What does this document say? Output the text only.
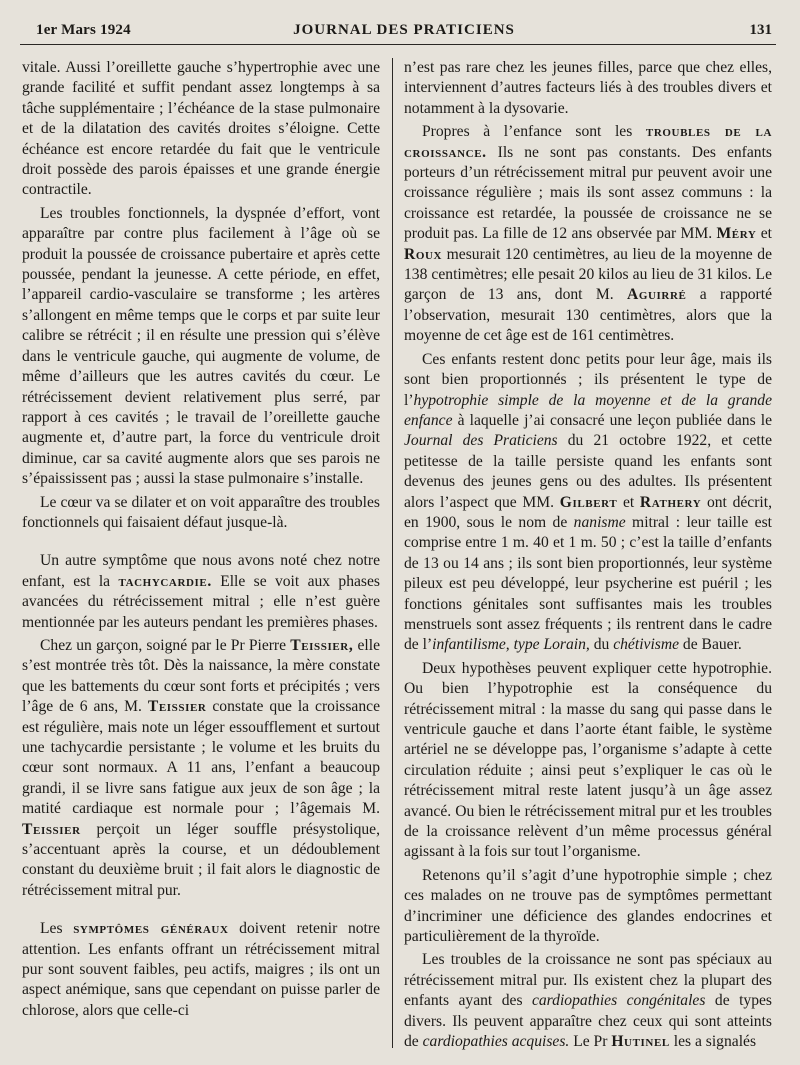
1er Mars 1924	JOURNAL DES PRATICIENS	131

vitale. Aussi l’oreillette gauche s’hypertrophie avec une grande facilité et suffit pendant assez longtemps à sa tâche supplémentaire ; l’échéance de la stase pulmonaire et de la dilatation des cavités droites s’éloigne. Cette échéance est encore retardée du fait que le ventricule droit possède des parois épaisses et une grande énergie contractile.

Les troubles fonctionnels, la dyspnée d’effort, vont apparaître par contre plus facilement à l’âge où se produit la poussée de croissance pubertaire et après cette poussée, pendant la jeunesse. A cette période, en effet, l’appareil cardio-vasculaire se transforme ; les artères s’allongent en même temps que le corps et par suite leur calibre se rétrécit ; il en résulte une pression qui s’élève dans le ventricule gauche, qui augmente de volume, de même d’ailleurs que les autres cavités du cœur. Le rétrécissement devient relativement plus serré, par rapport à ces cavités ; le travail de l’oreillette gauche augmente et, d’autre part, la force du ventricule droit diminue, car sa cavité augmente alors que ses parois ne s’épaississent pas ; aussi la stase pulmonaire s’installe.

Le cœur va se dilater et on voit apparaître des troubles fonctionnels qui faisaient défaut jusque-là.

Un autre symptôme que nous avons noté chez notre enfant, est la tachycardie. Elle se voit aux phases avancées du rétrécissement mitral ; elle n’est guère mentionnée par les auteurs pendant les premières phases.

Chez un garçon, soigné par le Pr Pierre Teissier, elle s’est montrée très tôt. Dès la naissance, la mère constate que les battements du cœur sont forts et précipités ; vers l’âge de 6 ans, M. Teissier constate que la croissance est régulière, mais note un léger essoufflement et surtout une tachycardie persistante ; le volume et les bruits du cœur sont normaux. A 11 ans, l’enfant a beaucoup grandi, il se livre sans fatigue aux jeux de son âge ; la matité cardiaque est normale pour ; l’âgemais M. Teissier perçoit un léger souffle présystolique, s’accentuant après la course, et un dédoublement constant du deuxième bruit ; il fait alors le diagnostic de rétrécissement mitral pur.

Les symptômes généraux doivent retenir notre attention. Les enfants offrant un rétrécissement mitral pur sont souvent faibles, peu actifs, maigres ; ils ont un aspect anémique, sans que cependant on puisse parler de chlorose, alors que celle-ci

n’est pas rare chez les jeunes filles, parce que chez elles, interviennent d’autres facteurs liés à des troubles divers et notamment à la dysovarie.

Propres à l’enfance sont les troubles de la croissance. Ils ne sont pas constants. Des enfants porteurs d’un rétrécissement mitral pur peuvent avoir une croissance régulière ; mais ils sont assez communs : la croissance est retardée, la poussée de croissance ne se produit pas. La fille de 12 ans observée par MM. Méry et Roux mesurait 120 centimètres, au lieu de la moyenne de 138 centimètres; elle pesait 20 kilos au lieu de 31 kilos. Le garçon de 13 ans, dont M. Aguirré a rapporté l’observation, mesurait 130 centimètres, alors que la moyenne de cet âge est de 161 centimètres.

Ces enfants restent donc petits pour leur âge, mais ils sont bien proportionnés ; ils présentent le type de l’hypotrophie simple de la moyenne et de la grande enfance à laquelle j’ai consacré une leçon publiée dans le Journal des Praticiens du 21 octobre 1922, et cette petitesse de la taille persiste quand les enfants sont devenus des jeunes gens ou des adultes. Ils présentent alors l’aspect que MM. Gilbert et Rathery ont décrit, en 1900, sous le nom de nanisme mitral : leur taille est comprise entre 1 m. 40 et 1 m. 50 ; c’est la taille d’enfants de 13 ou 14 ans ; ils sont bien proportionnés, leur système pileux est peu développé, leur psycherine est puéril ; les fonctions génitales sont suffisantes mais les troubles menstruels sont assez fréquents ; ils rentrent dans le cadre de l’infantilisme, type Lorain, du chétivisme de Bauer.

Deux hypothèses peuvent expliquer cette hypotrophie. Ou bien l’hypotrophie est la conséquence du rétrécissement mitral : la masse du sang qui passe dans le ventricule gauche et dans l’aorte étant faible, le système artériel ne se développe pas, l’organisme s’adapte à cette circulation réduite ; ainsi peut s’expliquer le cas où le rétrécissement mitral reste latent jusqu’à un âge assez avancé. Ou bien le rétrécissement mitral pur et les troubles de la croissance relèvent d’un même processus général agissant à la fois sur tout l’organisme.

Retenons qu’il s’agit d’une hypotrophie simple ; chez ces malades on ne trouve pas de symptômes permettant d’incriminer une déficience des glandes endocrines et particulièrement de la thyroïde.

Les troubles de la croissance ne sont pas spéciaux au rétrécissement mitral pur. Ils existent chez la plupart des enfants ayant des cardiopathies congénitales de types divers. Ils peuvent apparaître chez ceux qui sont atteints de cardiopathies acquises. Le Pr Hutinel les a signalés
